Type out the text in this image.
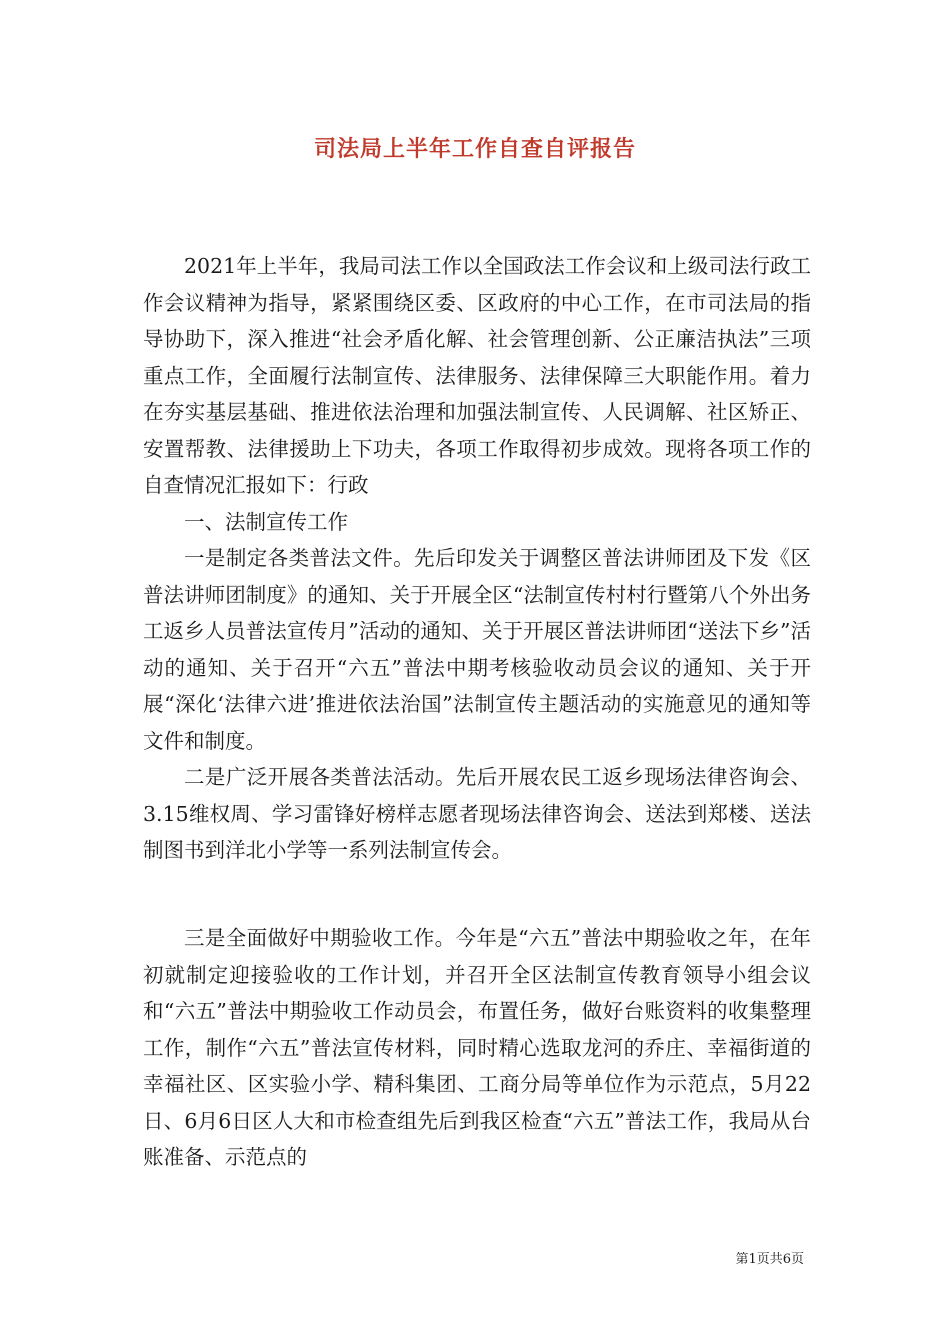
司法局上半年工作自查自评报告

2021年上半年，我局司法工作以全国政法工作会议和上级司法行政工作会议精神为指导，紧紧围绕区委、区政府的中心工作，在市司法局的指导协助下，深入推进“社会矛盾化解、社会管理创新、公正廉洁执法”三项重点工作，全面履行法制宣传、法律服务、法律保障三大职能作用。着力在夯实基层基础、推进依法治理和加强法制宣传、人民调解、社区矫正、安置帮教、法律援助上下功夫，各项工作取得初步成效。现将各项工作的自查情况汇报如下：行政

一、法制宣传工作

一是制定各类普法文件。先后印发关于调整区普法讲师团及下发《区普法讲师团制度》的通知、关于开展全区“法制宣传村村行暨第八个外出务工返乡人员普法宣传月”活动的通知、关于开展区普法讲师团“送法下乡”活动的通知、关于召开“六五”普法中期考核验收动员会议的通知、关于开展“深化‘法律六进’推进依法治国”法制宣传主题活动的实施意见的通知等文件和制度。

二是广泛开展各类普法活动。先后开展农民工返乡现场法律咨询会、3.15维权周、学习雷锋好榜样志愿者现场法律咨询会、送法到郑楼、送法制图书到洋北小学等一系列法制宣传会。

三是全面做好中期验收工作。今年是“六五”普法中期验收之年，在年初就制定迎接验收的工作计划，并召开全区法制宣传教育领导小组会议和“六五”普法中期验收工作动员会，布置任务，做好台账资料的收集整理工作，制作“六五”普法宣传材料，同时精心选取龙河的乔庄、幸福街道的幸福社区、区实验小学、精科集团、工商分局等单位作为示范点，5月22日、6月6日区人大和市检查组先后到我区检查“六五”普法工作，我局从台账准备、示范点的

第1页共6页
